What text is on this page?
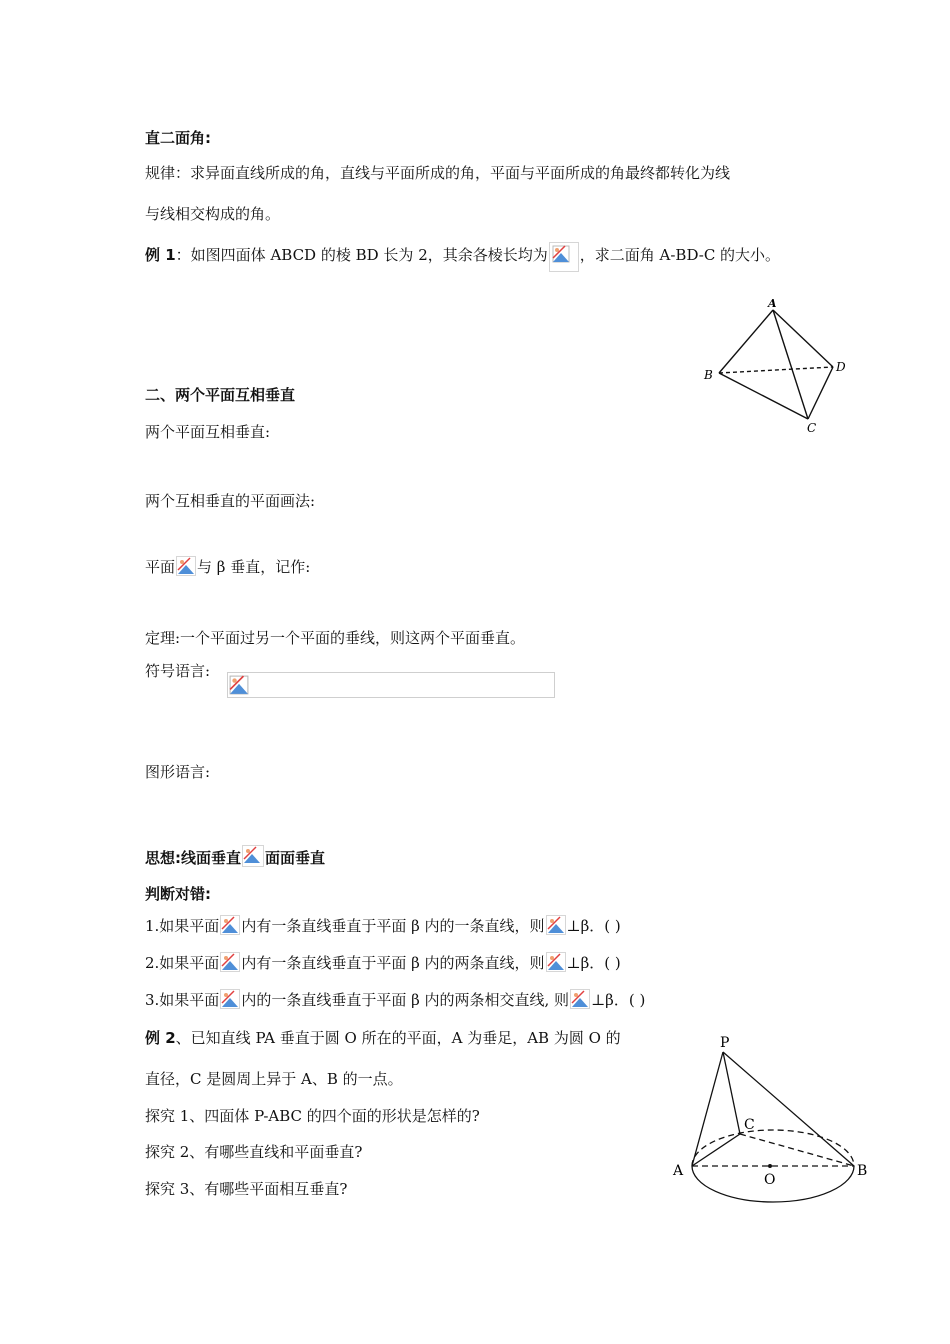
直二面角:
规律：求异面直线所成的角，直线与平面所成的角，平面与平面所成的角最终都转化为线
与线相交构成的角。
例 1：如图四面体 ABCD 的棱 BD 长为 2，其余各棱长均为 ，求二面角 A-BD-C 的大小。
A
B
D
C
二、两个平面互相垂直
两个平面互相垂直:
两个互相垂直的平面画法:
平面 与 β 垂直，记作:
定理:一个平面过另一个平面的垂线，则这两个平面垂直。
符号语言:
图形语言:
思想:线面垂直 面面垂直
判断对错:
1.如果平面 内有一条直线垂直于平面 β 内的一条直线，则 ⊥β．( )
2.如果平面 内有一条直线垂直于平面 β 内的两条直线，则 ⊥β．( )
3.如果平面 内的一条直线垂直于平面 β 内的两条相交直线, 则 ⊥β．( )
例 2、已知直线 PA 垂直于圆 O 所在的平面，A 为垂足，AB 为圆 O 的
直径，C 是圆周上异于 A、B 的一点。
探究 1、四面体 P-ABC 的四个面的形状是怎样的?
探究 2、有哪些直线和平面垂直?
探究 3、有哪些平面相互垂直?
P
C
A	B
O
